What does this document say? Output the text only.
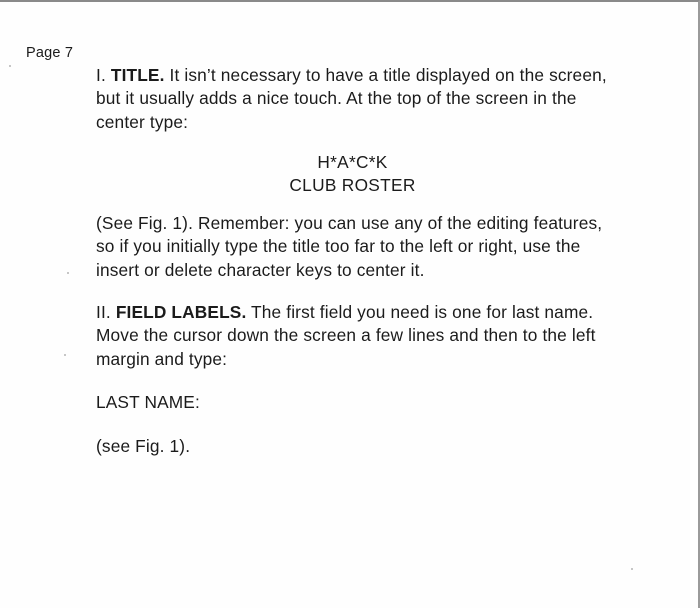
Page 7
I. TITLE. It isn’t necessary to have a title displayed on the screen,
but it usually adds a nice touch. At the top of the screen in the
center type:
H*A*C*K
CLUB ROSTER
(See Fig. 1). Remember: you can use any of the editing features,
so if you initially type the title too far to the left or right, use the
insert or delete character keys to center it.
II. FIELD LABELS. The first field you need is one for last name.
Move the cursor down the screen a few lines and then to the left
margin and type:
LAST NAME:
(see Fig. 1).
